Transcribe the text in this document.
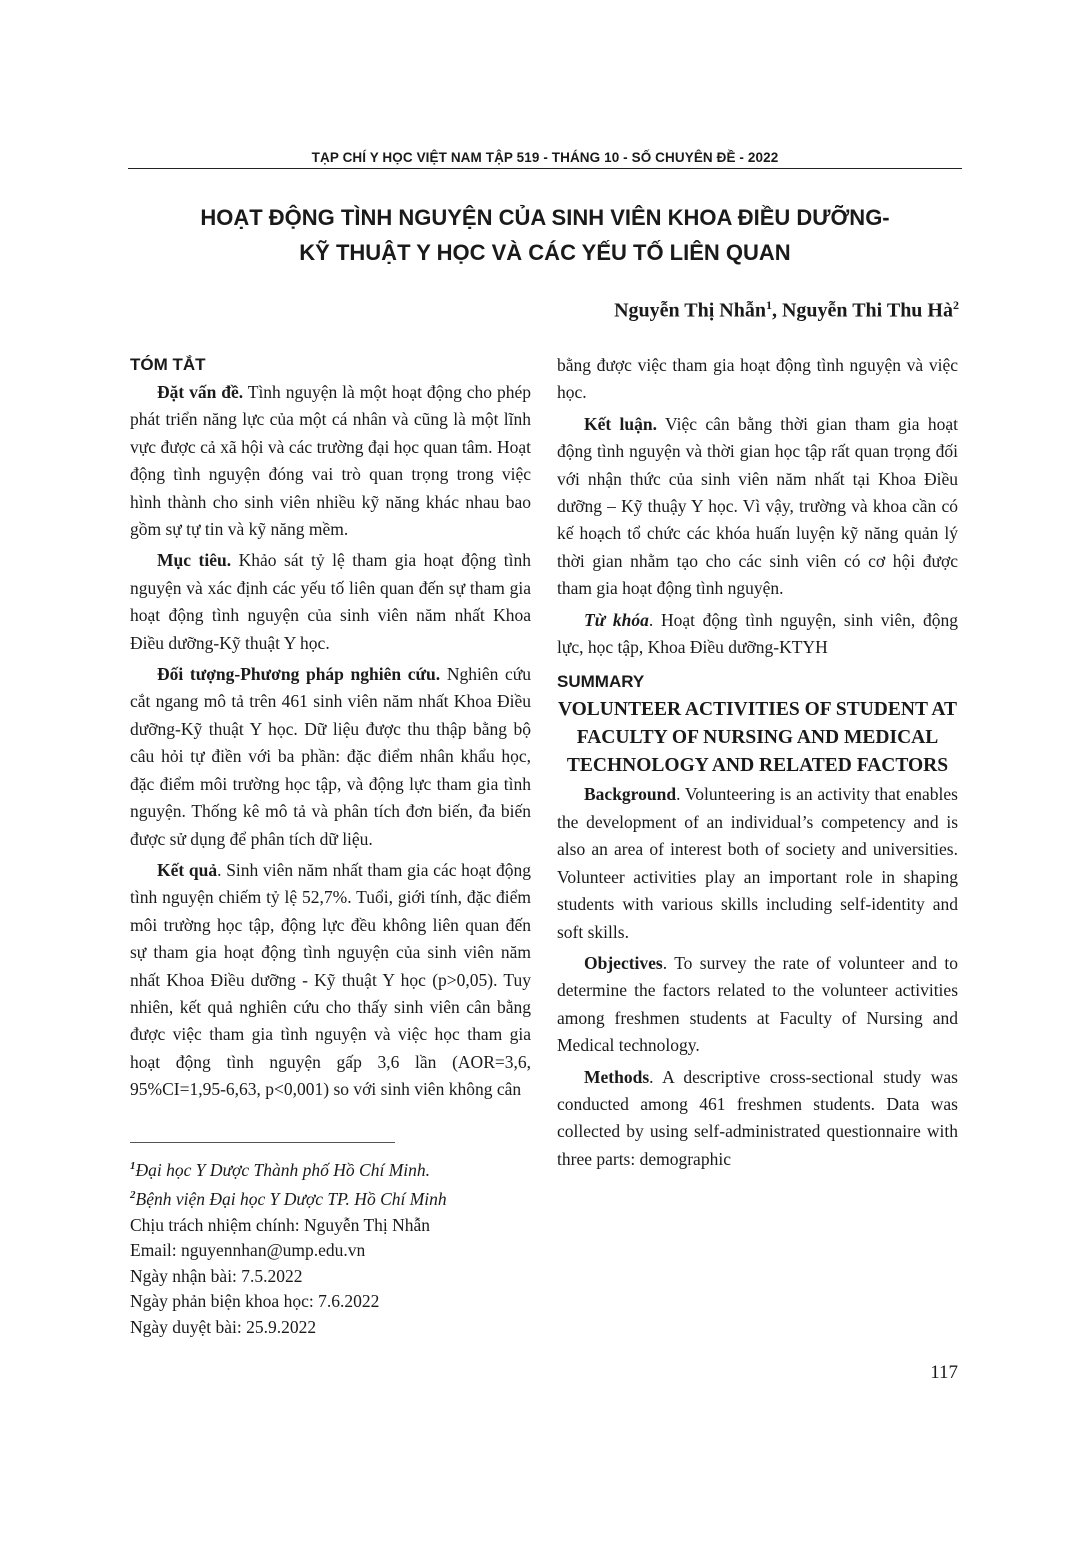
TẠP CHÍ Y HỌC VIỆT NAM TẬP 519 - THÁNG 10 - SỐ CHUYÊN ĐỀ - 2022
HOẠT ĐỘNG TÌNH NGUYỆN CỦA SINH VIÊN KHOA ĐIỀU DƯỠNG-
KỸ THUẬT Y HỌC VÀ CÁC YẾU TỐ LIÊN QUAN
Nguyễn Thị Nhẫn$^1$, Nguyễn Thi Thu $Hà^2$
TÓM TẮT

Đặt vấn đề. Tình nguyện là một hoạt động cho phép phát triển năng lực của một cá nhân và cũng là một lĩnh vực được cả xã hội và các trường đại học quan tâm. Hoạt động tình nguyện đóng vai trò quan trọng trong việc hình thành cho sinh viên nhiều kỹ năng khác nhau bao gồm sự tự tin và kỹ năng mềm.

Mục tiêu. Khảo sát tỷ lệ tham gia hoạt động tình nguyện và xác định các yếu tố liên quan đến sự tham gia hoạt động tình nguyện của sinh viên năm nhất Khoa Điều dưỡng-Kỹ thuật Y học.

Đối tượng-Phương pháp nghiên cứu. Nghiên cứu cắt ngang mô tả trên 461 sinh viên năm nhất Khoa Điều dưỡng-Kỹ thuật Y học. Dữ liệu được thu thập bằng bộ câu hỏi tự điền với ba phần: đặc điểm nhân khẩu học, đặc điểm môi trường học tập, và động lực tham gia tình nguyện. Thống kê mô tả và phân tích đơn biến, đa biến được sử dụng để phân tích dữ liệu.

Kết quả. Sinh viên năm nhất tham gia các hoạt động tình nguyện chiếm tỷ lệ 52,7%. Tuổi, giới tính, đặc điểm môi trường học tập, động lực đều không liên quan đến sự tham gia hoạt động tình nguyện của sinh viên năm nhất Khoa Điều dưỡng - Kỹ thuật Y học (p>0,05). Tuy nhiên, kết quả nghiên cứu cho thấy sinh viên cân bằng được việc tham gia tình nguyện và việc học tham gia hoạt động tình nguyện gấp 3,6 lần (AOR=3,6, 95%CI=1,95-6,63, p<0,001) so với sinh viên không cân

bằng được việc tham gia hoạt động tình nguyện và việc học.

Kết luận. Việc cân bằng thời gian tham gia hoạt động tình nguyện và thời gian học tập rất quan trọng đối với nhận thức của sinh viên năm nhất tại Khoa Điều dưỡng – Kỹ thuậy Y học. Vì vậy, trường và khoa cần có kế hoạch tổ chức các khóa huấn luyện kỹ năng quản lý thời gian nhằm tạo cho các sinh viên có cơ hội được tham gia hoạt động tình nguyện.

Từ khóa. Hoạt động tình nguyện, sinh viên, động lực, học tập, Khoa Điều dưỡng-KTYH

SUMMARY
VOLUNTEER ACTIVITIES OF STUDENT AT FACULTY OF NURSING AND MEDICAL TECHNOLOGY AND RELATED FACTORS

Background. Volunteering is an activity that enables the development of an individual’s competency and is also an area of interest both of society and universities. Volunteer activities play an important role in shaping students with various skills including self-identity and soft skills.

Objectives. To survey the rate of volunteer and to determine the factors related to the volunteer activities among freshmen students at Faculty of Nursing and Medical technology.

Methods. A descriptive cross-sectional study was conducted among 461 freshmen students. Data was collected by using self-administrated questionnaire with three parts: demographic

$^1$Đại học Y Dược Thành phố Hồ Chí Minh.
$^2$Bệnh viện Đại học Y Dược TP. Hồ Chí Minh
Chịu trách nhiệm chính: Nguyễn Thị Nhẫn
Email: nguyennhan@ump.edu.vn
Ngày nhận bài: 7.5.2022
Ngày phản biện khoa học: 7.6.2022
Ngày duyệt bài: 25.9.2022
117
